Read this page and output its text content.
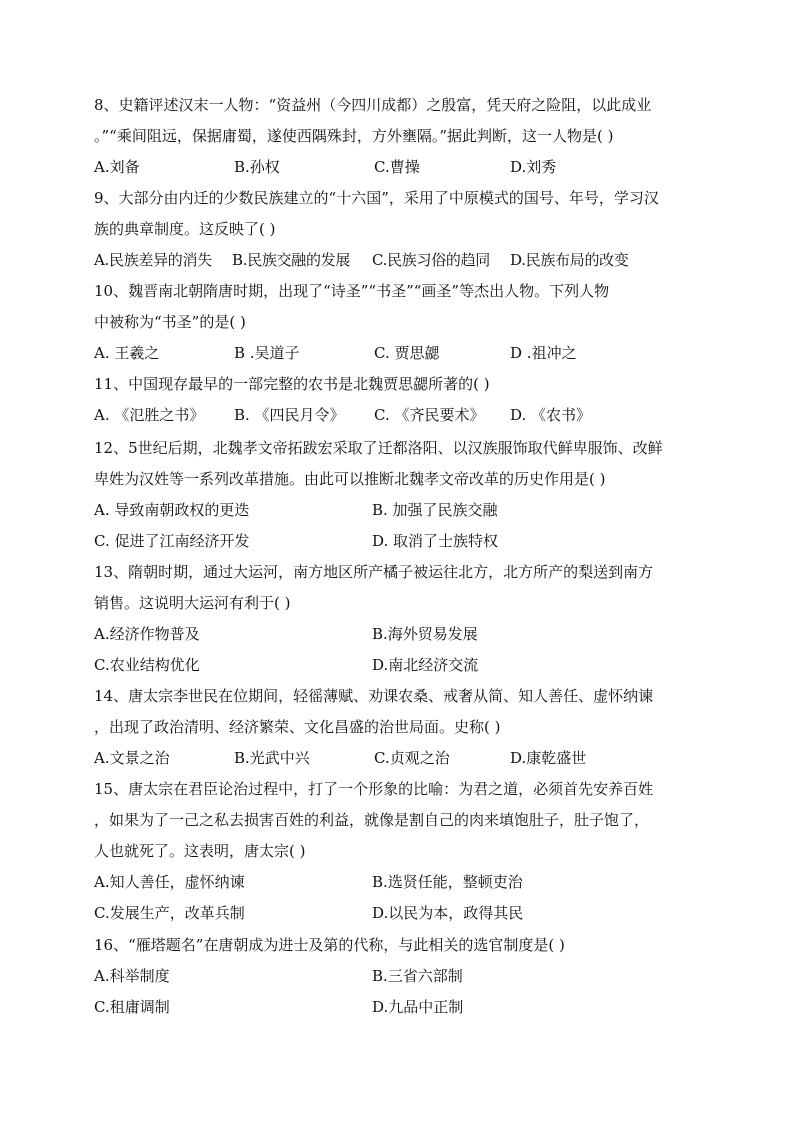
8、史籍评述汉末一人物：“资益州（今四川成都）之殷富，凭天府之险阻，以此成业
。”“乘间阻远，保据庸蜀，遂使西隅殊封，方外壅隔。”据此判断，这一人物是( )
A.刘备	B.孙权	C.曹操	D.刘秀
9、大部分由内迁的少数民族建立的“十六国”，采用了中原模式的国号、年号，学习汉
族的典章制度。这反映了( )
A.民族差异的消失 B.民族交融的发展 C.民族习俗的趋同 D.民族布局的改变
10、魏晋南北朝隋唐时期，出现了“诗圣”“书圣”“画圣”等杰出人物。下列人物
中被称为“书圣”的是( )
A. 王羲之	B .吴道子	C. 贾思勰	D .祖冲之
11、中国现存最早的一部完整的农书是北魏贾思勰所著的( )
A. 《氾胜之书》 B. 《四民月令》 C. 《齐民要术》 D. 《农书》
12、5世纪后期，北魏孝文帝拓跋宏采取了迁都洛阳、以汉族服饰取代鲜卑服饰、改鲜
卑姓为汉姓等一系列改革措施。由此可以推断北魏孝文帝改革的历史作用是( )
A. 导致南朝政权的更迭	B. 加强了民族交融
C. 促进了江南经济开发	D. 取消了士族特权
13、隋朝时期，通过大运河，南方地区所产橘子被运往北方，北方所产的梨送到南方
销售。这说明大运河有利于( )
A.经济作物普及	B.海外贸易发展
C.农业结构优化	D.南北经济交流
14、唐太宗李世民在位期间，轻徭薄赋、劝课农桑、戒奢从简、知人善任、虚怀纳谏
，出现了政治清明、经济繁荣、文化昌盛的治世局面。史称( )
A.文景之治	B.光武中兴	C.贞观之治	D.康乾盛世
15、唐太宗在君臣论治过程中，打了一个形象的比喻：为君之道，必须首先安养百姓
，如果为了一己之私去损害百姓的利益，就像是割自己的肉来填饱肚子，肚子饱了，
人也就死了。这表明，唐太宗( )
A.知人善任，虚怀纳谏	B.选贤任能，整顿吏治
C.发展生产，改革兵制	D.以民为本，政得其民
16、“雁塔题名”在唐朝成为进士及第的代称，与此相关的选官制度是( )
A.科举制度	B.三省六部制
C.租庸调制	D.九品中正制
